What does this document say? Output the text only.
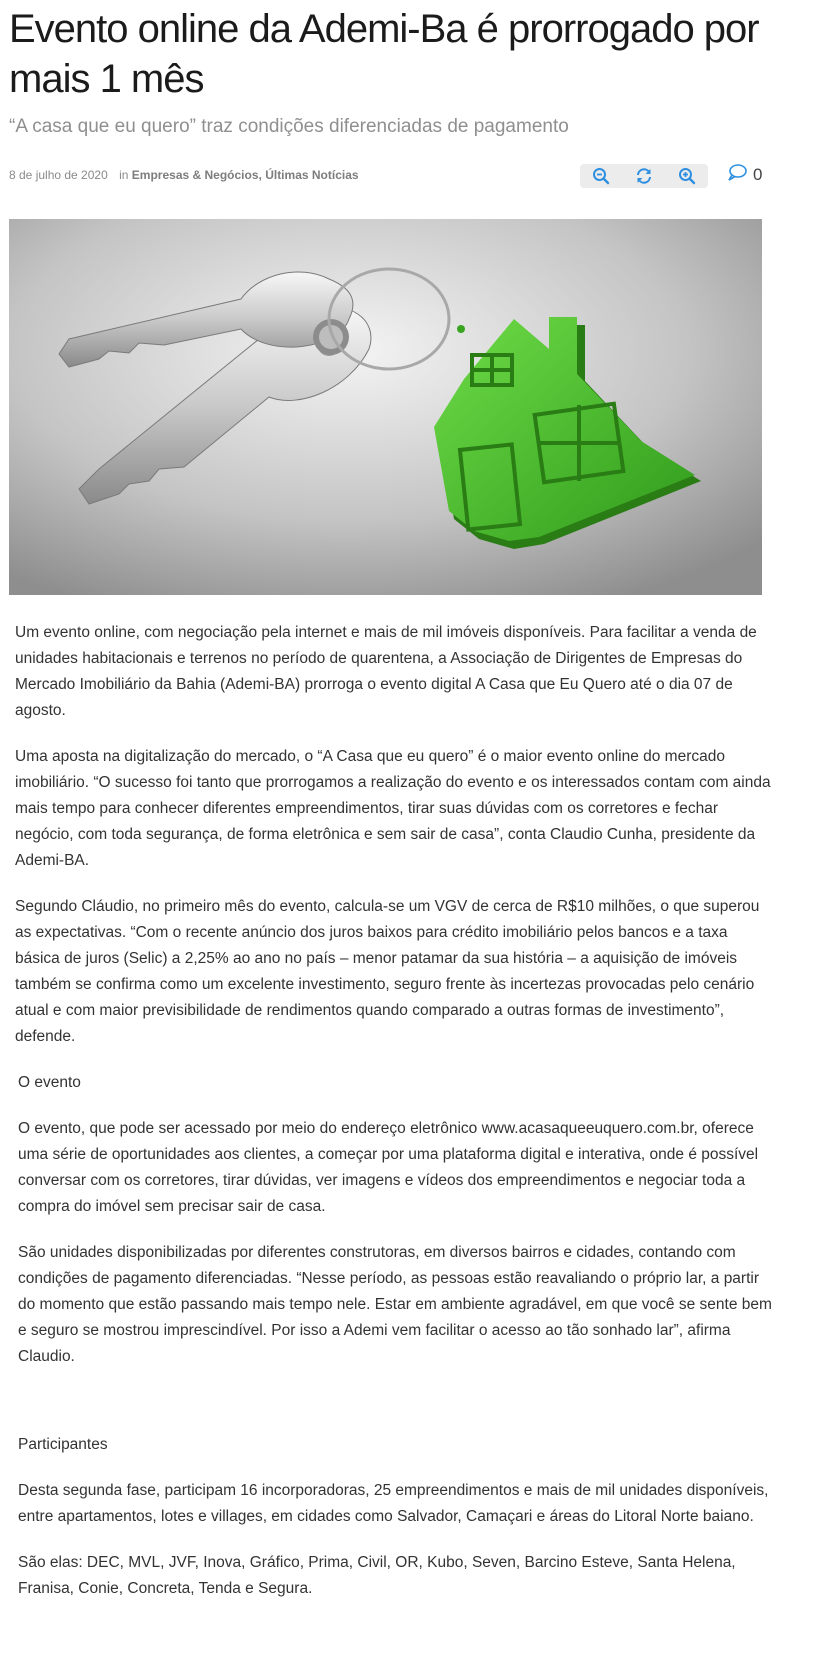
Evento online da Ademi-Ba é prorrogado por mais 1 mês
“A casa que eu quero” traz condições diferenciadas de pagamento
8 de julho de 2020 in Empresas & Negócios, Últimas Notícias	0

Um evento online, com negociação pela internet e mais de mil imóveis disponíveis. Para facilitar a venda de unidades habitacionais e terrenos no período de quarentena, a Associação de Dirigentes de Empresas do Mercado Imobiliário da Bahia (Ademi-BA) prorroga o evento digital A Casa que Eu Quero até o dia 07 de agosto.

Uma aposta na digitalização do mercado, o “A Casa que eu quero” é o maior evento online do mercado imobiliário. “O sucesso foi tanto que prorrogamos a realização do evento e os interessados contam com ainda mais tempo para conhecer diferentes empreendimentos, tirar suas dúvidas com os corretores e fechar negócio, com toda segurança, de forma eletrônica e sem sair de casa”, conta Claudio Cunha, presidente da Ademi-BA.

Segundo Cláudio, no primeiro mês do evento, calcula-se um VGV de cerca de R$10 milhões, o que superou as expectativas. “Com o recente anúncio dos juros baixos para crédito imobiliário pelos bancos e a taxa básica de juros (Selic) a 2,25% ao ano no país – menor patamar da sua história – a aquisição de imóveis também se confirma como um excelente investimento, seguro frente às incertezas provocadas pelo cenário atual e com maior previsibilidade de rendimentos quando comparado a outras formas de investimento”, defende.

O evento

O evento, que pode ser acessado por meio do endereço eletrônico www.acasaqueeuquero.com.br, oferece uma série de oportunidades aos clientes, a começar por uma plataforma digital e interativa, onde é possível conversar com os corretores, tirar dúvidas, ver imagens e vídeos dos empreendimentos e negociar toda a compra do imóvel sem precisar sair de casa.

São unidades disponibilizadas por diferentes construtoras, em diversos bairros e cidades, contando com condições de pagamento diferenciadas. “Nesse período, as pessoas estão reavaliando o próprio lar, a partir do momento que estão passando mais tempo nele. Estar em ambiente agradável, em que você se sente bem e seguro se mostrou imprescindível. Por isso a Ademi vem facilitar o acesso ao tão sonhado lar”, afirma Claudio.

Participantes

Desta segunda fase, participam 16 incorporadoras, 25 empreendimentos e mais de mil unidades disponíveis, entre apartamentos, lotes e villages, em cidades como Salvador, Camaçari e áreas do Litoral Norte baiano.

São elas: DEC, MVL, JVF, Inova, Gráfico, Prima, Civil, OR, Kubo, Seven, Barcino Esteve, Santa Helena, Franisa, Conie, Concreta, Tenda e Segura.
